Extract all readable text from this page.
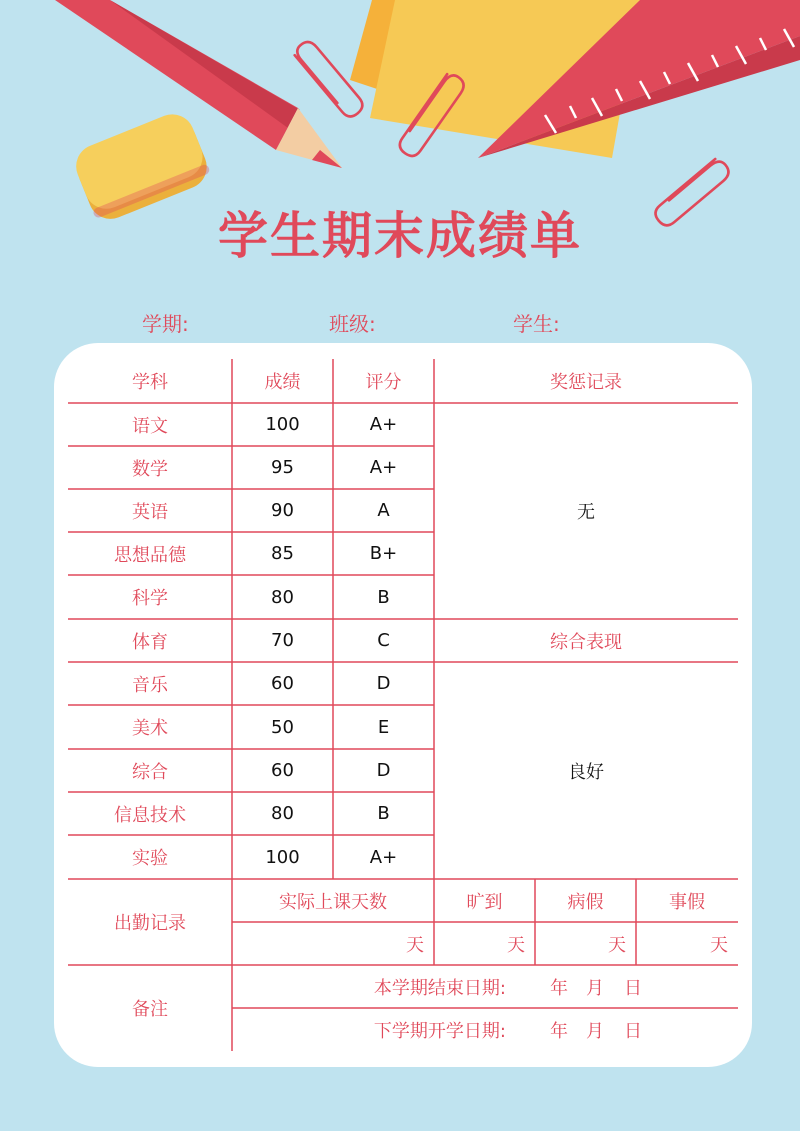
学生期末成绩单
学期:	班级:	学生:
学科	成绩	评分	奖惩记录
语文	100	A+
数学	95	A+
英语	90	A
思想品德	85	B+
科学	80	B
体育	70	C
音乐	60	D
美术	50	E
综合	60	D
信息技术	80	B
实验	100	A+
无
综合表现
良好
出勤记录
实际上课天数	旷到	病假	事假
天	天	天	天
备注
本学期结束日期:	年	月	日
下学期开学日期:	年	月	日
